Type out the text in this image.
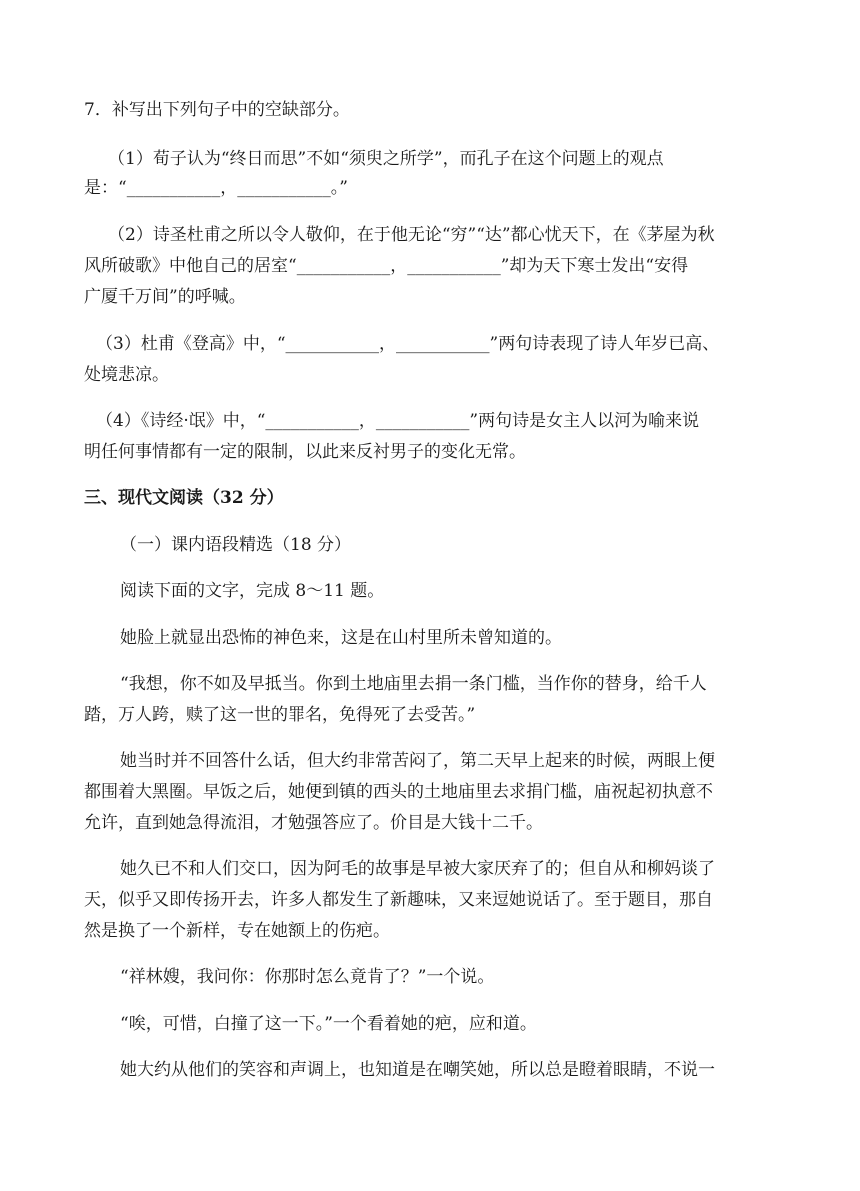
7．补写出下列句子中的空缺部分。
（1）荀子认为“终日而思”不如“须臾之所学”，而孔子在这个问题上的观点
是：“___________，___________。”
（2）诗圣杜甫之所以令人敬仰，在于他无论“穷”“达”都心忧天下，在《茅屋为秋
风所破歌》中他自己的居室“___________，___________”却为天下寒士发出“安得
广厦千万间”的呼喊。
（3）杜甫《登高》中，“___________，___________”两句诗表现了诗人年岁已高、
处境悲凉。
（4）《诗经·氓》中，“___________，___________”两句诗是女主人以河为喻来说
明任何事情都有一定的限制，以此来反衬男子的变化无常。
三、现代文阅读（32 分）
（一）课内语段精选（18 分）
阅读下面的文字，完成 8～11 题。
她脸上就显出恐怖的神色来，这是在山村里所未曾知道的。
“我想，你不如及早抵当。你到土地庙里去捐一条门槛，当作你的替身，给千人
踏，万人跨，赎了这一世的罪名，免得死了去受苦。”
她当时并不回答什么话，但大约非常苦闷了，第二天早上起来的时候，两眼上便
都围着大黑圈。早饭之后，她便到镇的西头的土地庙里去求捐门槛，庙祝起初执意不
允许，直到她急得流泪，才勉强答应了。价目是大钱十二千。
她久已不和人们交口，因为阿毛的故事是早被大家厌弃了的；但自从和柳妈谈了
天，似乎又即传扬开去，许多人都发生了新趣味，又来逗她说话了。至于题目，那自
然是换了一个新样，专在她额上的伤疤。
“祥林嫂，我问你：你那时怎么竟肯了？”一个说。
“唉，可惜，白撞了这一下。”一个看着她的疤，应和道。
她大约从他们的笑容和声调上，也知道是在嘲笑她，所以总是瞪着眼睛，不说一
